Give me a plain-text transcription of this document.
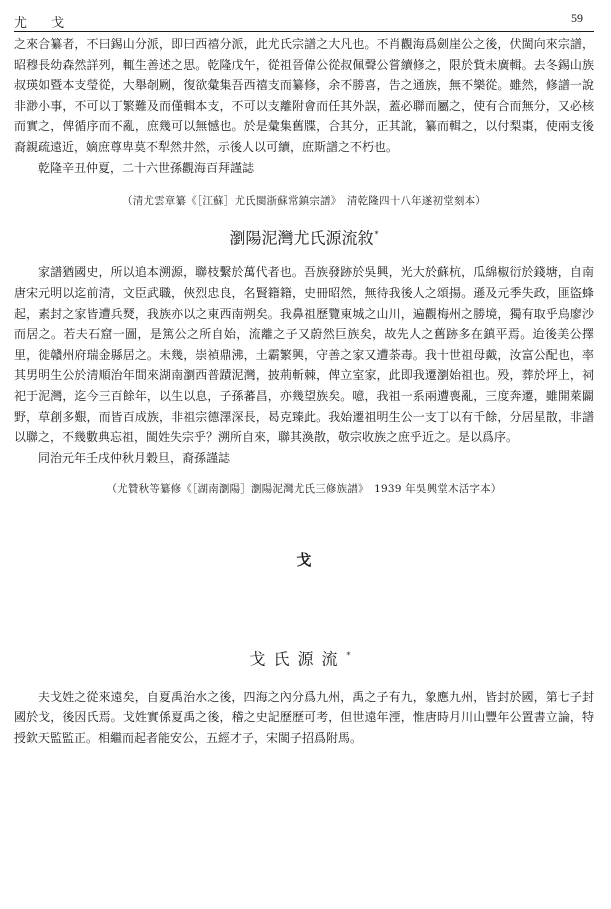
尤 戈	59

之來合纂者，不曰錫山分派，即曰西禧分派，此尤氏宗譜之大凡也。不肖觀海爲劍崖公之後，伏閩向來宗譜，昭穆長幼森然詳列，輒生善述之思。乾隆戊午，從祖晉偉公從叔佩聲公嘗續修之，限於貲未廣輯。去冬錫山族叔瑛如暨本支瑩從，大舉剞劂，復欲彙集吾西禧支而纂修，余不勝喜，告之通族，無不樂從。雖然，修譜一說非渺小事，不可以丁繁難及而僅輯本支，不可以支離附會而任其外誤，蓋必聯而屬之，使有合而無分，又必核而實之，俾循序而不亂，庶幾可以無憾也。於是彙集舊牒，合其分，正其訛，纂而輯之，以付梨棗，使兩支後裔親疏遠近，嫡庶尊卑莫不犁然井然，示後人以可續，庶斯譜之不朽也。

乾隆辛丑仲夏，二十六世孫觀海百拜謹誌

（清尤雲章纂《［江蘇］尤氏閩浙蘇常鎮宗譜》　清乾隆四十八年遂初堂刻本）

瀏陽泥灣尤氏源流敘*

家譜猶國史，所以追本溯源，聯枝繫於萬代者也。吾族發跡於吳興，光大於蘇杭，瓜綿椒衍於錢塘，自南唐宋元明以迄前清，文臣武職，俠烈忠良，名賢籍籍，史冊昭然，無待我後人之頌揚。遜及元季失政，匪盜蜂起，素封之家皆遭兵燹，我族亦以之東西南朔矣。我鼻祖歷覽東城之山川，遍觀梅州之勝境，獨有取乎烏廖沙而居之。若夫石窟一圖，是篤公之所自始，流離之子又蔚然巨族矣，故先人之舊跡多在鎮平焉。迨後美公擇里，徙贛州府瑞金縣居之。未幾，崇禎鼎沸，土霸繁興，守善之家又遭荼毒。我十世祖母戴，汝富公配也，率其男明生公於清順治年間來湖南瀏西普蹟泥灣，披荊斬棘，俾立室家，此即我遷瀏始祖也。殁，葬於坪上，祠祀于泥灣，迄今三百餘年，以生以息，子孫蕃昌，亦幾望族矣。噫，我祖一系兩遭喪亂，三度奔遷，雖開萊闢野，草創多艱，而皆百成族，非祖宗德澤深長，曷克臻此。我始遷祖明生公一支丁以有千餘，分居星散，非譜以聯之，不幾數典忘祖，閩姓失宗乎？溯所自來，聯其渙散，敬宗收族之庶乎近之。是以爲序。

同治元年壬戌仲秋月穀旦，裔孫謹誌

（尤贊秋等纂修《［湖南瀏陽］瀏陽泥灣尤氏三修族譜》　1939 年吳興堂木活字本）

戈
戈氏源流*

夫戈姓之從來遠矣，自夏禹治水之後，四海之內分爲九州，禹之子有九，象應九州，皆封於國，第七子封國於戈，後因氏焉。戈姓實係夏禹之後，稽之史記歷歷可考，但世遠年湮，惟唐時月川山豐年公置書立論，特授欽天監監正。相繼而起者能安公，五經才子，宋閩子招爲附馬。
